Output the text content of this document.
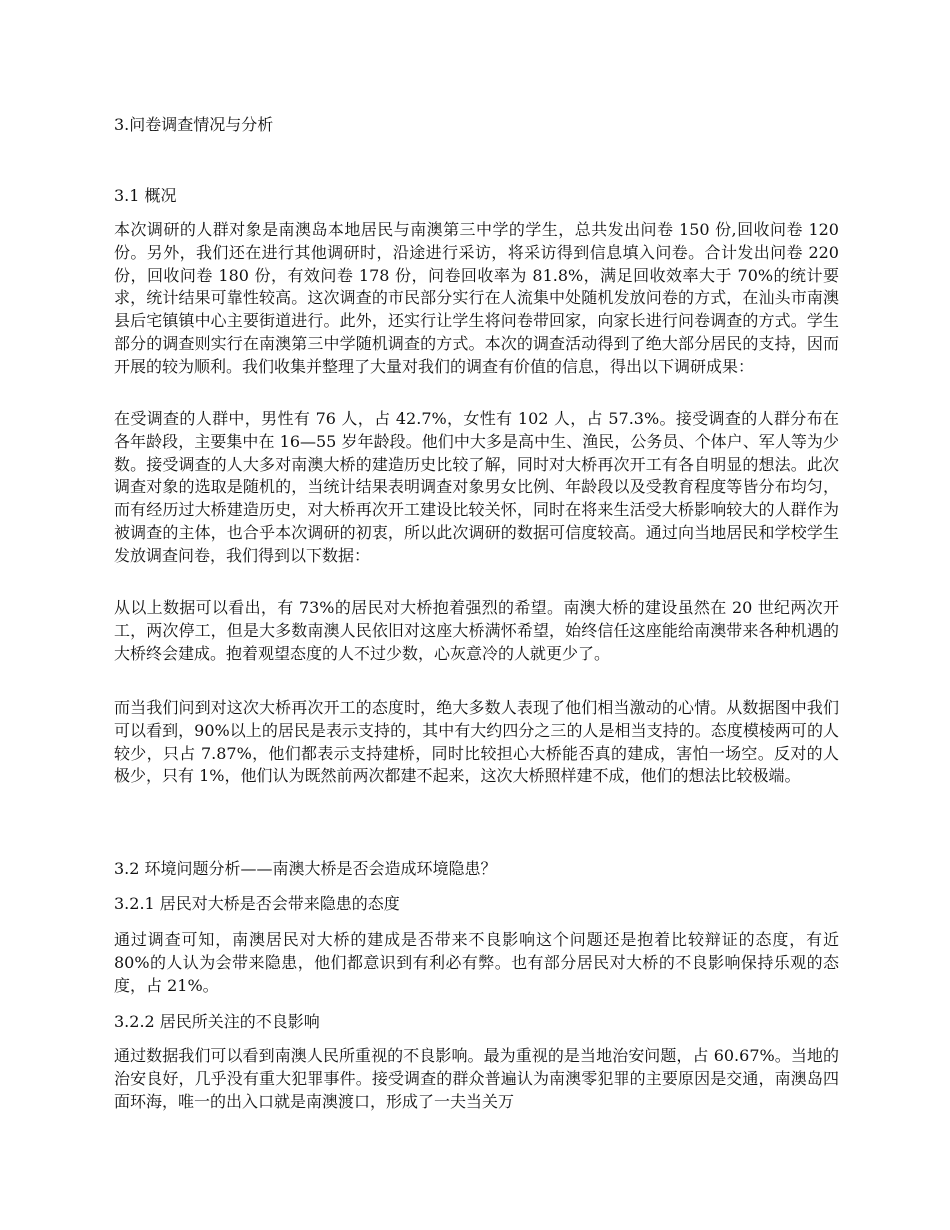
3.问卷调查情况与分析
3.1 概况

本次调研的人群对象是南澳岛本地居民与南澳第三中学的学生，总共发出问卷 150 份,回收问卷 120 份。另外，我们还在进行其他调研时，沿途进行采访，将采访得到信息填入问卷。合计发出问卷 220 份，回收问卷 180 份，有效问卷 178 份，问卷回收率为 81.8%，满足回收效率大于 70%的统计要求，统计结果可靠性较高。这次调查的市民部分实行在人流集中处随机发放问卷的方式，在汕头市南澳县后宅镇镇中心主要街道进行。此外，还实行让学生将问卷带回家，向家长进行问卷调查的方式。学生部分的调查则实行在南澳第三中学随机调查的方式。本次的调查活动得到了绝大部分居民的支持，因而开展的较为顺利。我们收集并整理了大量对我们的调查有价值的信息，得出以下调研成果：

在受调查的人群中，男性有 76 人，占 42.7%，女性有 102 人，占 57.3%。接受调查的人群分布在各年龄段，主要集中在 16—55 岁年龄段。他们中大多是高中生、渔民，公务员、个体户、军人等为少数。接受调查的人大多对南澳大桥的建造历史比较了解，同时对大桥再次开工有各自明显的想法。此次调查对象的选取是随机的，当统计结果表明调查对象男女比例、年龄段以及受教育程度等皆分布均匀，而有经历过大桥建造历史，对大桥再次开工建设比较关怀，同时在将来生活受大桥影响较大的人群作为被调查的主体，也合乎本次调研的初衷，所以此次调研的数据可信度较高。通过向当地居民和学校学生发放调查问卷，我们得到以下数据：

从以上数据可以看出，有 73%的居民对大桥抱着强烈的希望。南澳大桥的建设虽然在 20 世纪两次开工，两次停工，但是大多数南澳人民依旧对这座大桥满怀希望，始终信任这座能给南澳带来各种机遇的大桥终会建成。抱着观望态度的人不过少数，心灰意冷的人就更少了。

而当我们问到对这次大桥再次开工的态度时，绝大多数人表现了他们相当激动的心情。从数据图中我们可以看到，90%以上的居民是表示支持的，其中有大约四分之三的人是相当支持的。态度模棱两可的人较少，只占 7.87%，他们都表示支持建桥，同时比较担心大桥能否真的建成，害怕一场空。反对的人极少，只有 1%，他们认为既然前两次都建不起来，这次大桥照样建不成，他们的想法比较极端。

3.2 环境问题分析——南澳大桥是否会造成环境隐患？
3.2.1 居民对大桥是否会带来隐患的态度

通过调查可知，南澳居民对大桥的建成是否带来不良影响这个问题还是抱着比较辩证的态度，有近 80%的人认为会带来隐患，他们都意识到有利必有弊。也有部分居民对大桥的不良影响保持乐观的态度，占 21%。

3.2.2 居民所关注的不良影响

通过数据我们可以看到南澳人民所重视的不良影响。最为重视的是当地治安问题，占 60.67%。当地的治安良好，几乎没有重大犯罪事件。接受调查的群众普遍认为南澳零犯罪的主要原因是交通，南澳岛四面环海，唯一的出入口就是南澳渡口，形成了一夫当关万
